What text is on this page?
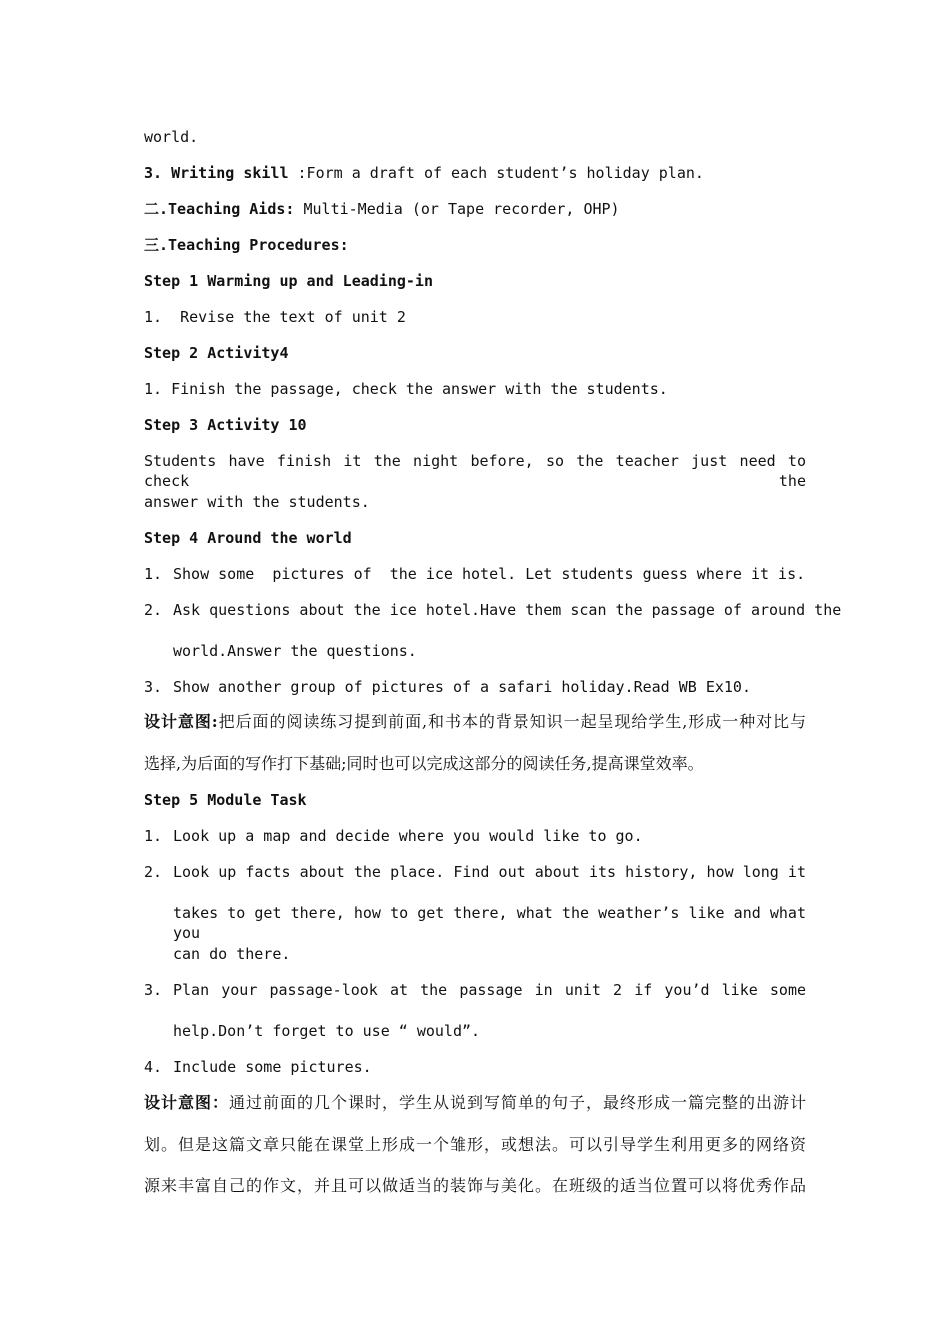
world.
3. Writing skill :Form a draft of each student’s holiday plan.
二.Teaching Aids: Multi-Media (or Tape recorder, OHP)
三.Teaching Procedures:
Step 1 Warming up and Leading-in
1.  Revise the text of unit 2
Step 2 Activity4
1. Finish the passage, check the answer with the students.
Step 3 Activity 10
Students have finish it the night before, so the teacher just need to check the
answer with the students.
Step 4 Around the world
1. Show some  pictures of  the ice hotel. Let students guess where it is.
2. Ask questions about the ice hotel.Have them scan the passage of around the
world.Answer the questions.
3. Show another group of pictures of a safari holiday.Read WB Ex10.
设计意图:把后面的阅读练习提到前面,和书本的背景知识一起呈现给学生,形成一种对比与
选择,为后面的写作打下基础;同时也可以完成这部分的阅读任务,提高课堂效率。
Step 5 Module Task
1. Look up a map and decide where you would like to go.
2. Look up facts about the place. Find out about its history, how long it
takes to get there, how to get there, what the weather’s like and what you
can do there.
3. Plan your passage-look at the passage in unit 2 if you’d like some
help.Don’t forget to use “ would”.
4. Include some pictures.
设计意图：通过前面的几个课时，学生从说到写简单的句子，最终形成一篇完整的出游计
划。但是这篇文章只能在课堂上形成一个雏形，或想法。可以引导学生利用更多的网络资
源来丰富自己的作文，并且可以做适当的装饰与美化。在班级的适当位置可以将优秀作品
